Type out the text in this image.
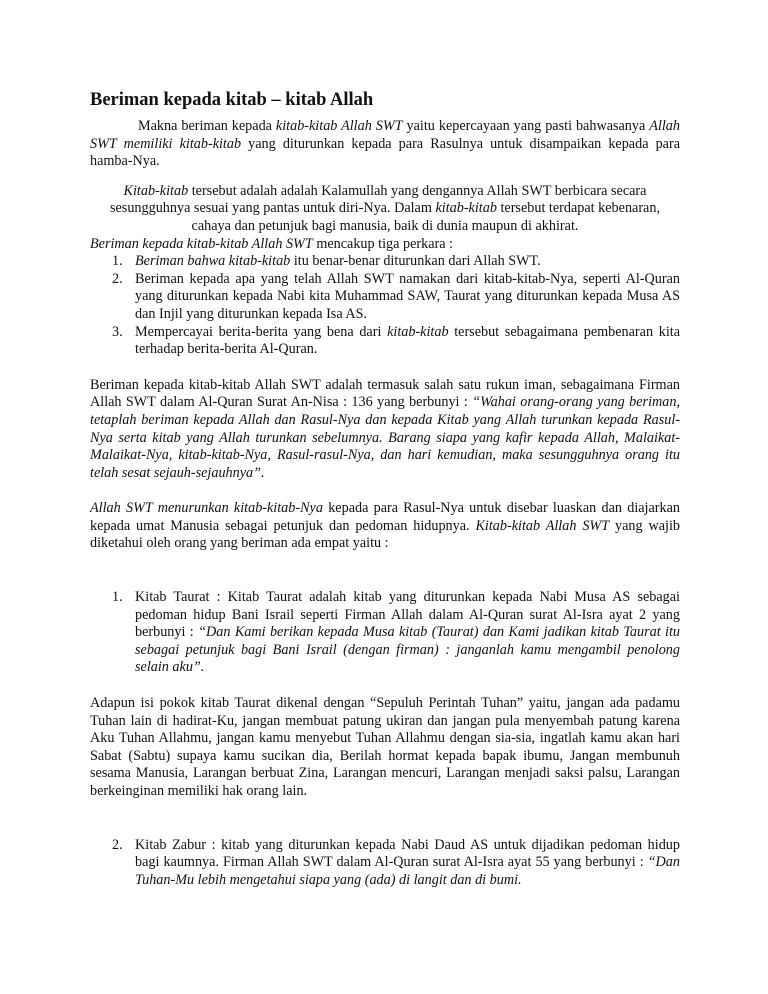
Beriman kepada kitab – kitab Allah

Makna beriman kepada kitab-kitab Allah SWT yaitu kepercayaan yang pasti bahwasanya Allah SWT memiliki kitab-kitab yang diturunkan kepada para Rasulnya untuk disampaikan kepada para hamba-Nya.

Kitab-kitab tersebut adalah adalah Kalamullah yang dengannya Allah SWT berbicara secara sesungguhnya sesuai yang pantas untuk diri-Nya. Dalam kitab-kitab tersebut terdapat kebenaran, cahaya dan petunjuk bagi manusia, baik di dunia maupun di akhirat.

Beriman kepada kitab-kitab Allah SWT mencakup tiga perkara :

1. Beriman bahwa kitab-kitab itu benar-benar diturunkan dari Allah SWT.
2. Beriman kepada apa yang telah Allah SWT namakan dari kitab-kitab-Nya, seperti Al-Quran yang diturunkan kepada Nabi kita Muhammad SAW, Taurat yang diturunkan kepada Musa AS dan Injil yang diturunkan kepada Isa AS.
3. Mempercayai berita-berita yang bena dari kitab-kitab tersebut sebagaimana pembenaran kita terhadap berita-berita Al-Quran.

Beriman kepada kitab-kitab Allah SWT adalah termasuk salah satu rukun iman, sebagaimana Firman Allah SWT dalam Al-Quran Surat An-Nisa : 136 yang berbunyi : “Wahai orang-orang yang beriman, tetaplah beriman kepada Allah dan Rasul-Nya dan kepada Kitab yang Allah turunkan kepada Rasul-Nya serta kitab yang Allah turunkan sebelumnya. Barang siapa yang kafir kepada Allah, Malaikat-Malaikat-Nya, kitab-kitab-Nya, Rasul-rasul-Nya, dan hari kemudian, maka sesungguhnya orang itu telah sesat sejauh-sejauhnya”.

Allah SWT menurunkan kitab-kitab-Nya kepada para Rasul-Nya untuk disebar luaskan dan diajarkan kepada umat Manusia sebagai petunjuk dan pedoman hidupnya. Kitab-kitab Allah SWT yang wajib diketahui oleh orang yang beriman ada empat yaitu :

1. Kitab Taurat : Kitab Taurat adalah kitab yang diturunkan kepada Nabi Musa AS sebagai pedoman hidup Bani Israil seperti Firman Allah dalam Al-Quran surat Al-Isra ayat 2 yang berbunyi : “Dan Kami berikan kepada Musa kitab (Taurat) dan Kami jadikan kitab Taurat itu sebagai petunjuk bagi Bani Israil (dengan firman) : janganlah kamu mengambil penolong selain aku”.

Adapun isi pokok kitab Taurat dikenal dengan “Sepuluh Perintah Tuhan” yaitu, jangan ada padamu Tuhan lain di hadirat-Ku, jangan membuat patung ukiran dan jangan pula menyembah patung karena Aku Tuhan Allahmu, jangan kamu menyebut Tuhan Allahmu dengan sia-sia, ingatlah kamu akan hari Sabat (Sabtu) supaya kamu sucikan dia, Berilah hormat kepada bapak ibumu, Jangan membunuh sesama Manusia, Larangan berbuat Zina, Larangan mencuri, Larangan menjadi saksi palsu, Larangan berkeinginan memiliki hak orang lain.

2. Kitab Zabur : kitab yang diturunkan kepada Nabi Daud AS untuk dijadikan pedoman hidup bagi kaumnya. Firman Allah SWT dalam Al-Quran surat Al-Isra ayat 55 yang berbunyi : “Dan Tuhan-Mu lebih mengetahui siapa yang (ada) di langit dan di bumi.
